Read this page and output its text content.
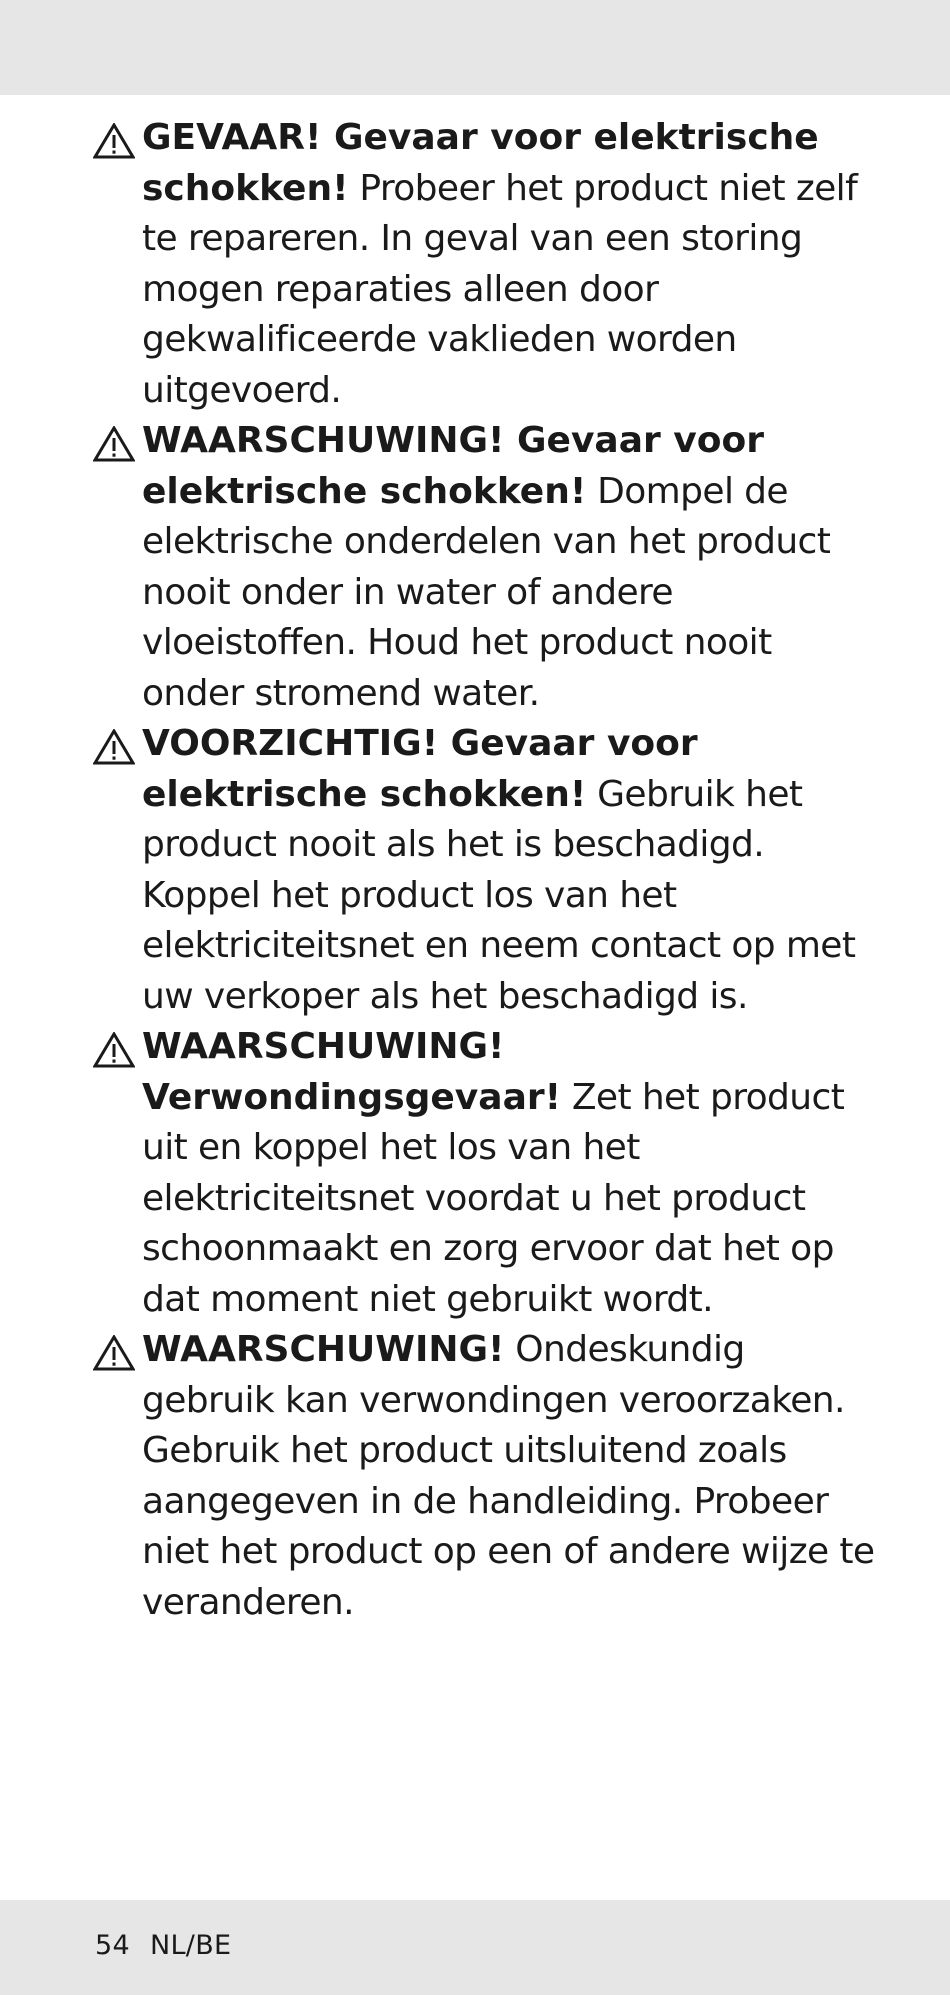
GEVAAR! Gevaar voor elektrische schokken! Probeer het product niet zelf te repareren. In geval van een storing mogen reparaties alleen door gekwalificeerde vaklieden worden uitgevoerd.

WAARSCHUWING! Gevaar voor elektrische schokken! Dompel de elektrische onderdelen van het product nooit onder in water of andere vloeistoffen. Houd het product nooit onder stromend water.

VOORZICHTIG! Gevaar voor elektrische schokken! Gebruik het product nooit als het is beschadigd. Koppel het product los van het elektriciteitsnet en neem contact op met uw verkoper als het beschadigd is.

WAARSCHUWING! Verwondingsgevaar! Zet het product uit en koppel het los van het elektriciteitsnet voordat u het product schoonmaakt en zorg ervoor dat het op dat moment niet gebruikt wordt.

WAARSCHUWING! Ondeskundig gebruik kan verwondingen veroorzaken. Gebruik het product uitsluitend zoals aangegeven in de handleiding. Probeer niet het product op een of andere wijze te veranderen.

54 NL/BE
